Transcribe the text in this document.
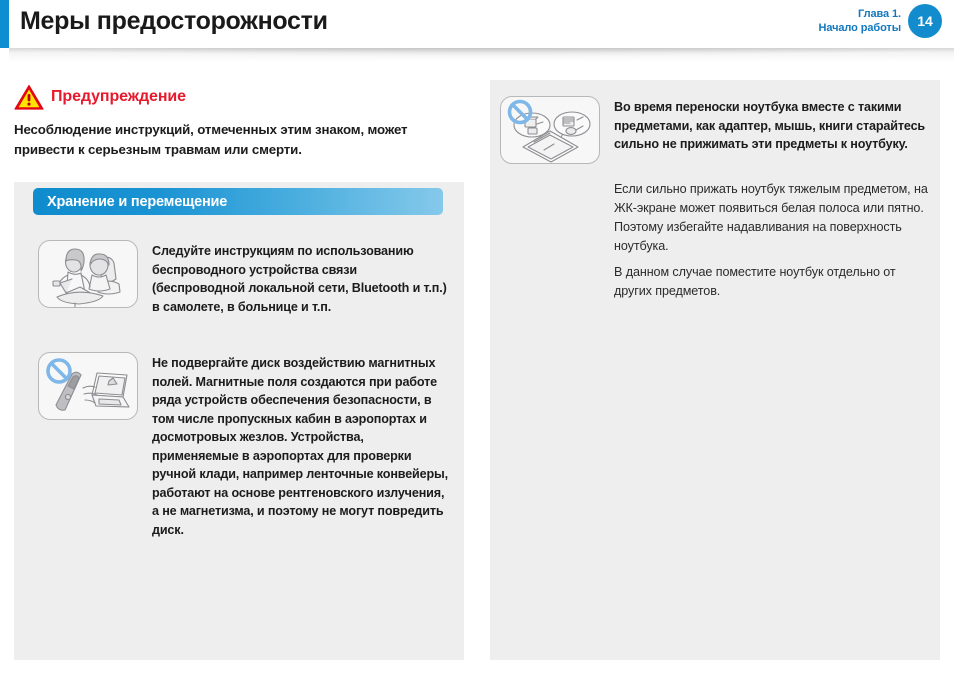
Меры предосторожности	Глава 1.
Начало работы	14
Предупреждение
Несоблюдение инструкций, отмеченных этим знаком, может привести к серьезным травмам или смерти.
Хранение и перемещение
Следуйте инструкциям по использованию беспроводного устройства связи (беспроводной локальной сети, Bluetooth и т.п.) в самолете, в больнице и т.п.
Не подвергайте диск воздействию магнитных полей. Магнитные поля создаются при работе ряда устройств обеспечения безопасности, в том числе пропускных кабин в аэропортах и досмотровых жезлов. Устройства, применяемые в аэропортах для проверки ручной клади, например ленточные конвейеры, работают на основе рентгеновского излучения, а не магнетизма, и поэтому не могут повредить диск.
Во время переноски ноутбука вместе с такими предметами, как адаптер, мышь, книги старайтесь сильно не прижимать эти предметы к ноутбуку.
Если сильно прижать ноутбук тяжелым предметом, на ЖК-экране может появиться белая полоса или пятно. Поэтому избегайте надавливания на поверхность ноутбука.
В данном случае поместите ноутбук отдельно от других предметов.
